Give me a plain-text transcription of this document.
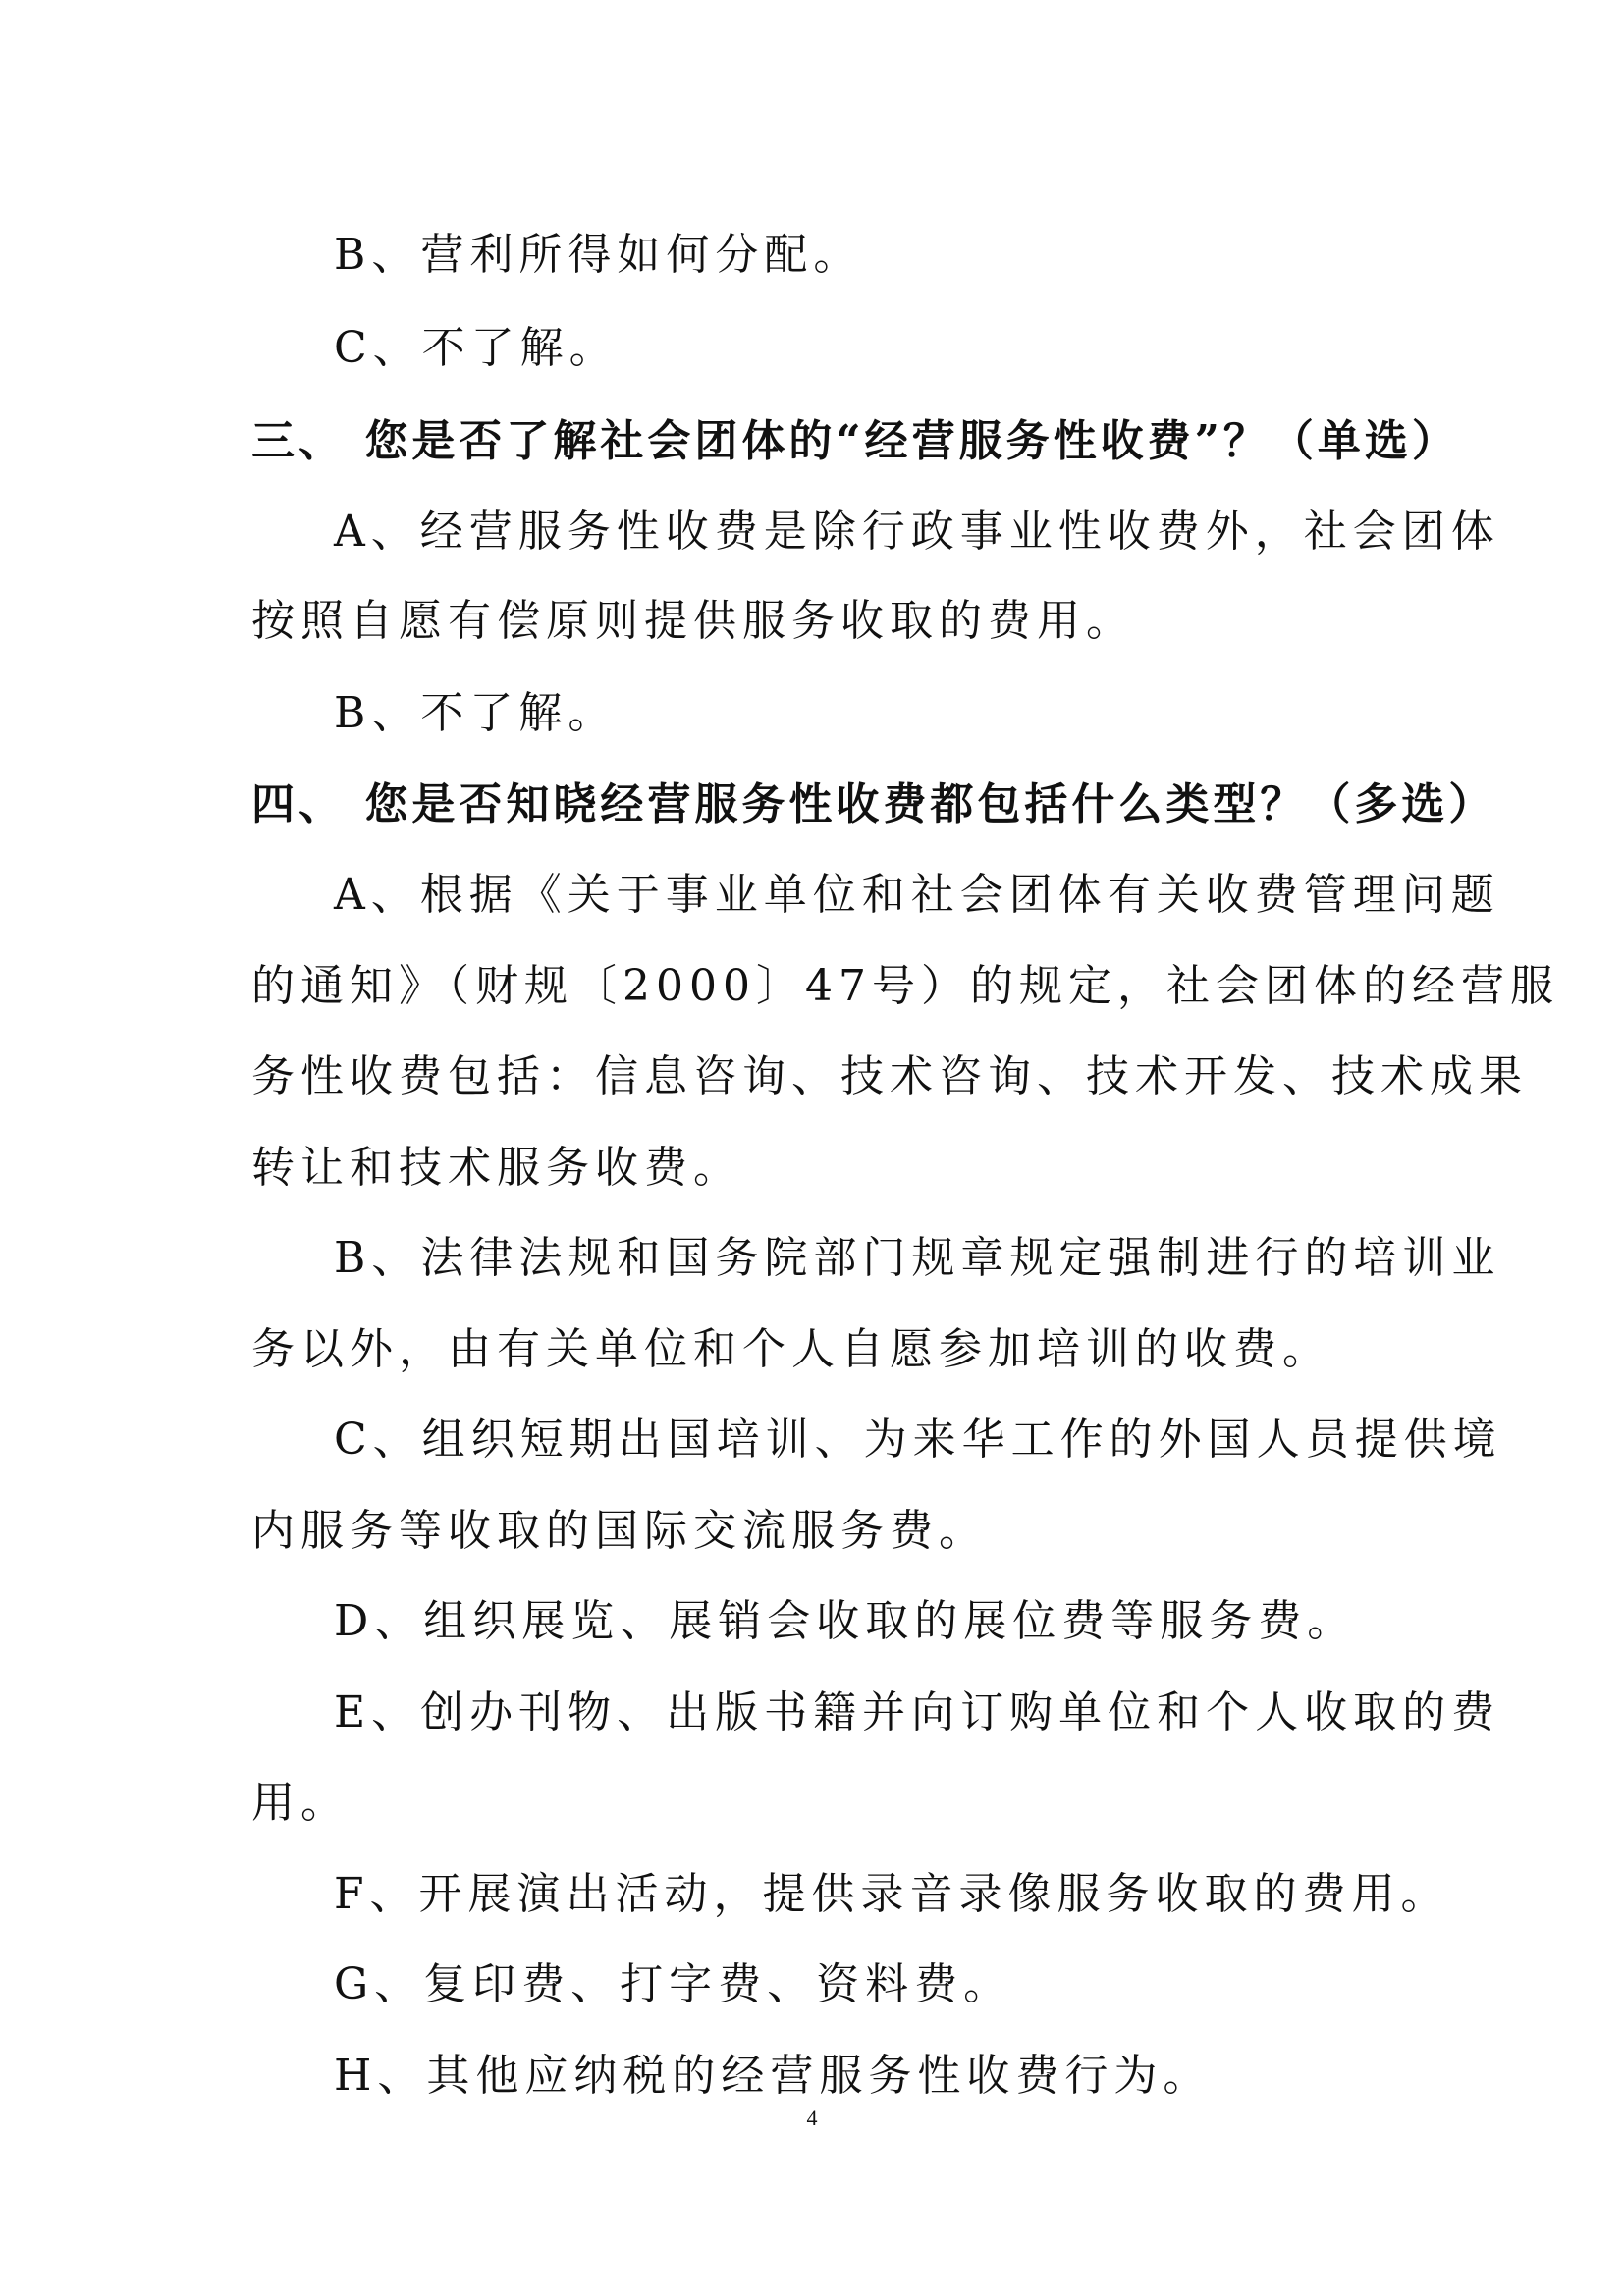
B、营利所得如何分配。
C、不了解。
三、 您是否了解社会团体的“经营服务性收费”？（单选）
A、经营服务性收费是除行政事业性收费外，社会团体
按照自愿有偿原则提供服务收取的费用。
B、不了解。
四、 您是否知晓经营服务性收费都包括什么类型？（多选）
A、根据《关于事业单位和社会团体有关收费管理问题
的通知》（财规〔2000〕47号）的规定，社会团体的经营服
务性收费包括：信息咨询、技术咨询、技术开发、技术成果
转让和技术服务收费。
B、法律法规和国务院部门规章规定强制进行的培训业
务以外，由有关单位和个人自愿参加培训的收费。
C、组织短期出国培训、为来华工作的外国人员提供境
内服务等收取的国际交流服务费。
D、组织展览、展销会收取的展位费等服务费。
E、创办刊物、出版书籍并向订购单位和个人收取的费
用。
F、开展演出活动，提供录音录像服务收取的费用。
G、复印费、打字费、资料费。
H、其他应纳税的经营服务性收费行为。
4
